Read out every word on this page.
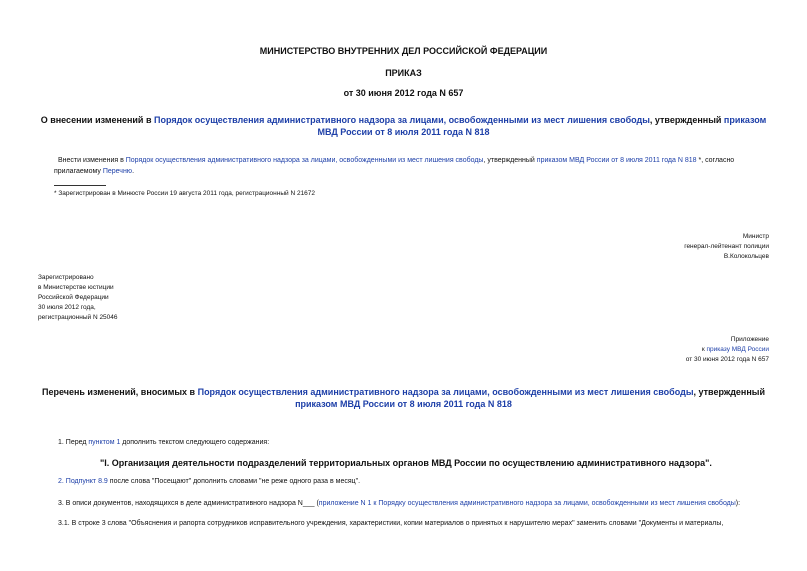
МИНИСТЕРСТВО ВНУТРЕННИХ ДЕЛ РОССИЙСКОЙ ФЕДЕРАЦИИ
ПРИКАЗ
от 30 июня 2012 года N 657
О внесении изменений в Порядок осуществления административного надзора за лицами, освобожденными из мест лишения свободы, утвержденный приказом
МВД России от 8 июля 2011 года N 818
Внести изменения в Порядок осуществления административного надзора за лицами, освобожденными из мест лишения свободы, утвержденный приказом МВД России от 8 июля 2011 года N 818 *, согласно
прилагаемому Перечню.
* Зарегистрирован в Минюсте России 19 августа 2011 года, регистрационный N 21672
Министр
генерал-лейтенант полиции
В.Колокольцев
Зарегистрировано
в Министерстве юстиции
Российской Федерации
30 июля 2012 года,
регистрационный N 25046
Приложение
к приказу МВД России
от 30 июня 2012 года N 657
Перечень изменений, вносимых в Порядок осуществления административного надзора за лицами, освобожденными из мест лишения свободы, утвержденный
приказом МВД России от 8 июля 2011 года N 818
1. Перед пунктом 1 дополнить текстом следующего содержания:
"I. Организация деятельности подразделений территориальных органов МВД России по осуществлению административного надзора".
2. Подпункт 8.9 после слова "Посещают" дополнить словами "не реже одного раза в месяц".
3. В описи документов, находящихся в деле административного надзора N___ (приложение N 1 к Порядку осуществления административного надзора за лицами, освобожденными из мест лишения свободы):
3.1. В строке 3 слова "Объяснения и рапорта сотрудников исправительного учреждения, характеристики, копии материалов о принятых к нарушителю мерах" заменить словами "Документы и материалы,
